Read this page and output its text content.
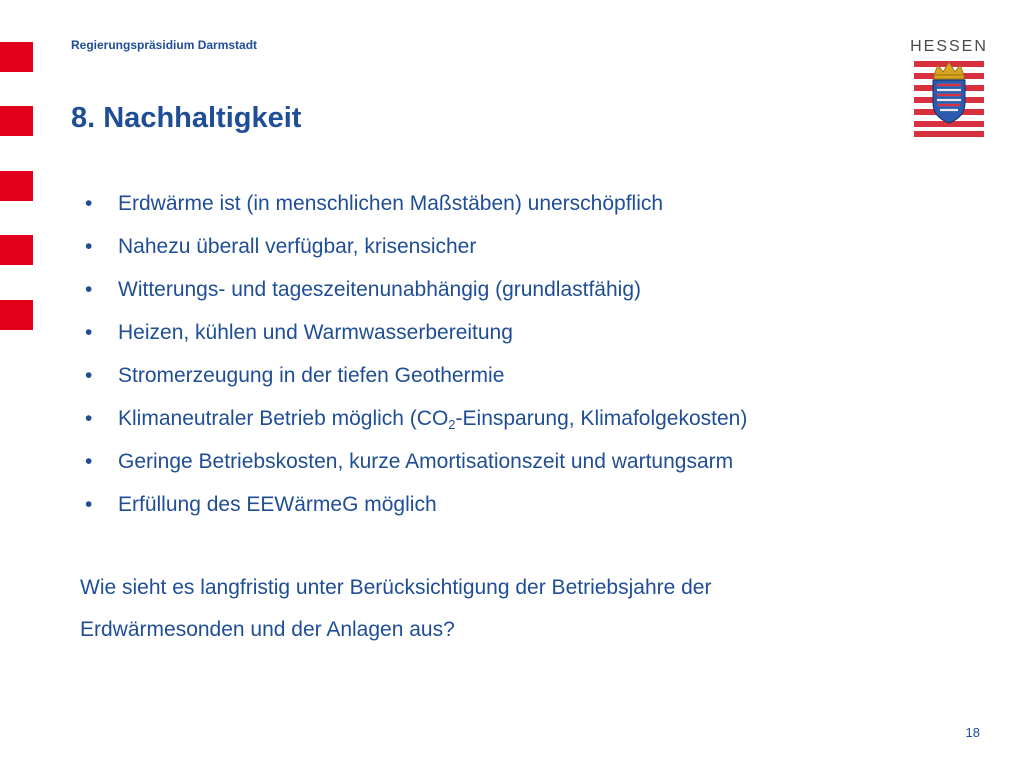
Regierungspräsidium Darmstadt
8. Nachhaltigkeit
HESSEN
• Erdwärme ist (in menschlichen Maßstäben) unerschöpflich
• Nahezu überall verfügbar, krisensicher
• Witterungs- und tageszeitenunabhängig (grundlastfähig)
• Heizen, kühlen und Warmwasserbereitung
• Stromerzeugung in der tiefen Geothermie
• Klimaneutraler Betrieb möglich ($CO_2$-Einsparung, Klimafolgekosten)
• Geringe Betriebskosten, kurze Amortisationszeit und wartungsarm
• Erfüllung des EEWärmeG möglich

Wie sieht es langfristig unter Berücksichtigung der Betriebsjahre der
Erdwärmesonden und der Anlagen aus?

18
